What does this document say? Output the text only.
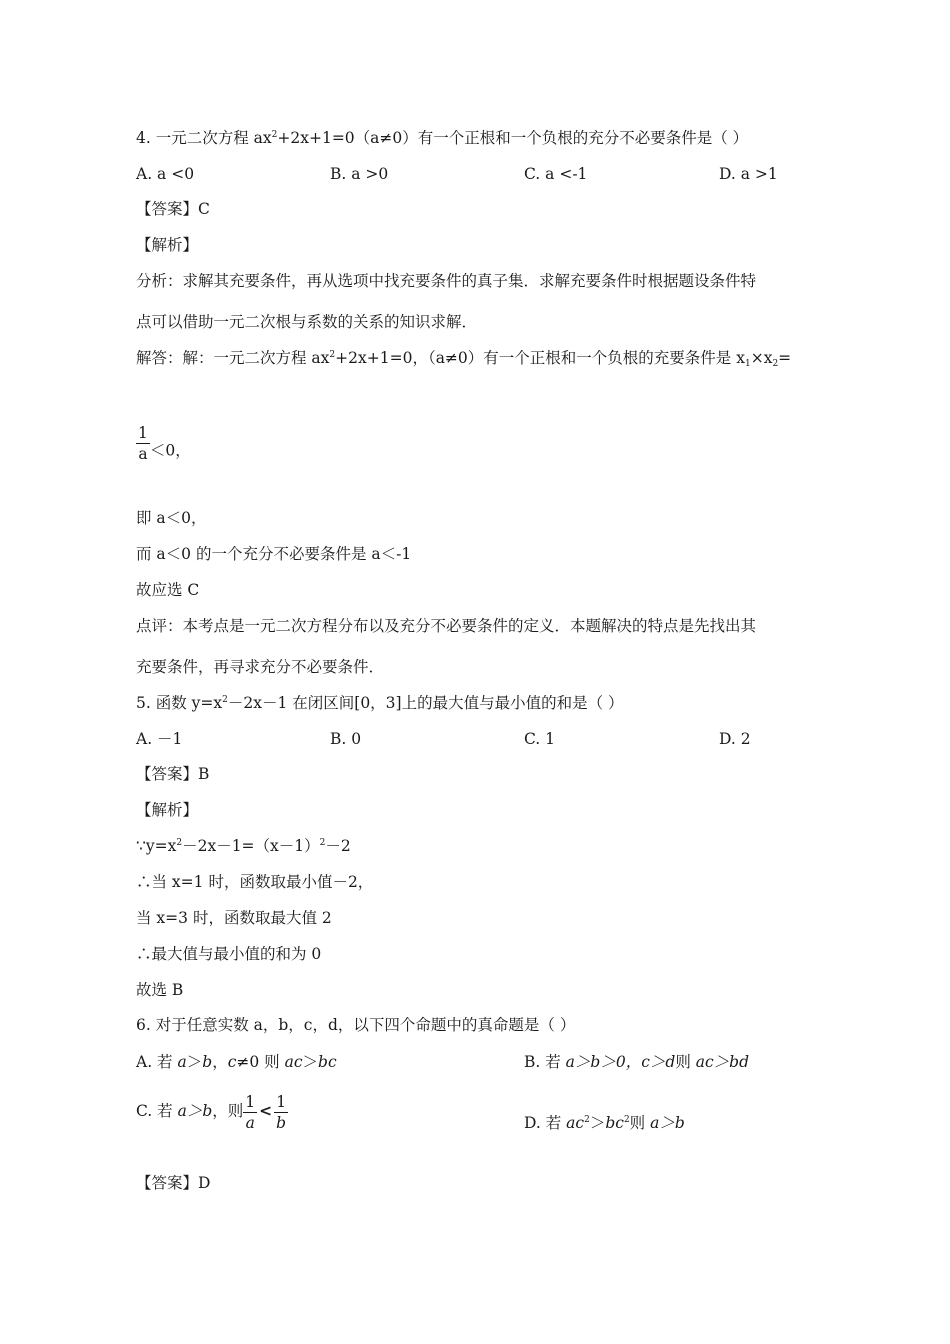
4. 一元二次方程 $ax^2+2x+1=0(a\ne 0)$有一个正根和一个负根的充分不必要条件是（ ）
A. a <0	B. a >0	C. a <-1	D. a >1
【答案】C
【解析】
分析：求解其充要条件，再从选项中找充要条件的真子集．求解充要条件时根据题设条件特
点可以借助一元二次根与系数的关系的知识求解．
解答：解：一元二次方程 $ax^2+2x+1=0$，（a≠0）有一个正根和一个负根的充要条件是 $x_1\times x_2=$
$\frac{1}{a} <0$，
即 a＜0，
而 a＜0 的一个充分不必要条件是 a＜-1
故应选 C
点评：本考点是一元二次方程分布以及充分不必要条件的定义．本题解决的特点是先找出其
充要条件，再寻求充分不必要条件．
5. 函数 $y=x^2-2x-1$ 在闭区间[0，3]上的最大值与最小值的和是（ ）
A. －1	B. 0	C. 1	D. 2
【答案】B
【解析】
$\because y=x^2-2x-1=(x-1)^2-2$
∴当 x=1 时，函数取最小值－2，
当 x=3 时，函数取最大值 2
∴最大值与最小值的和为 0
故选 B
6. 对于任意实数 a，b，c，d，以下四个命题中的真命题是（ ）
A. 若 a＞b，c≠0 则 ac＞bc	B. 若 a＞b＞0，c＞d则 ac＞bd
C. 若 a＞b，则 $\frac{1}{a} < \frac{1}{b}$	D. 若 $ac^2>bc^2$则 a＞b
【答案】D
